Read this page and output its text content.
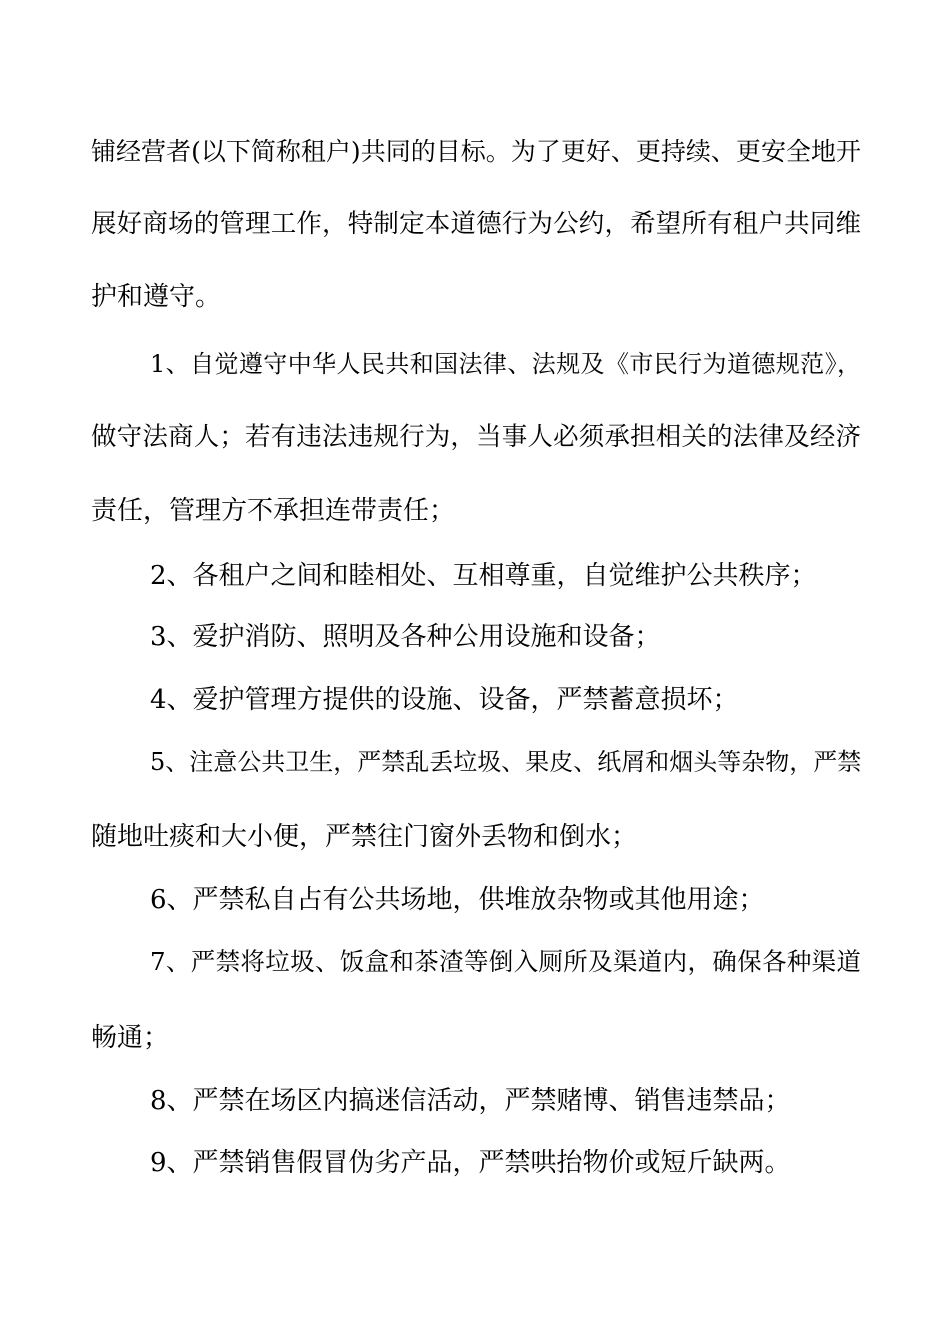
铺经营者(以下简称租户)共同的目标。为了更好、更持续、更安全地开
展好商场的管理工作，特制定本道德行为公约，希望所有租户共同维
护和遵守。
1、自觉遵守中华人民共和国法律、法规及《市民行为道德规范》，
做守法商人；若有违法违规行为，当事人必须承担相关的法律及经济
责任，管理方不承担连带责任；
2、各租户之间和睦相处、互相尊重，自觉维护公共秩序；
3、爱护消防、照明及各种公用设施和设备；
4、爱护管理方提供的设施、设备，严禁蓄意损坏；
5、注意公共卫生，严禁乱丢垃圾、果皮、纸屑和烟头等杂物，严禁
随地吐痰和大小便，严禁往门窗外丢物和倒水；
6、严禁私自占有公共场地，供堆放杂物或其他用途；
7、严禁将垃圾、饭盒和茶渣等倒入厕所及渠道内，确保各种渠道
畅通；
8、严禁在场区内搞迷信活动，严禁赌博、销售违禁品；
9、严禁销售假冒伪劣产品，严禁哄抬物价或短斤缺两。
